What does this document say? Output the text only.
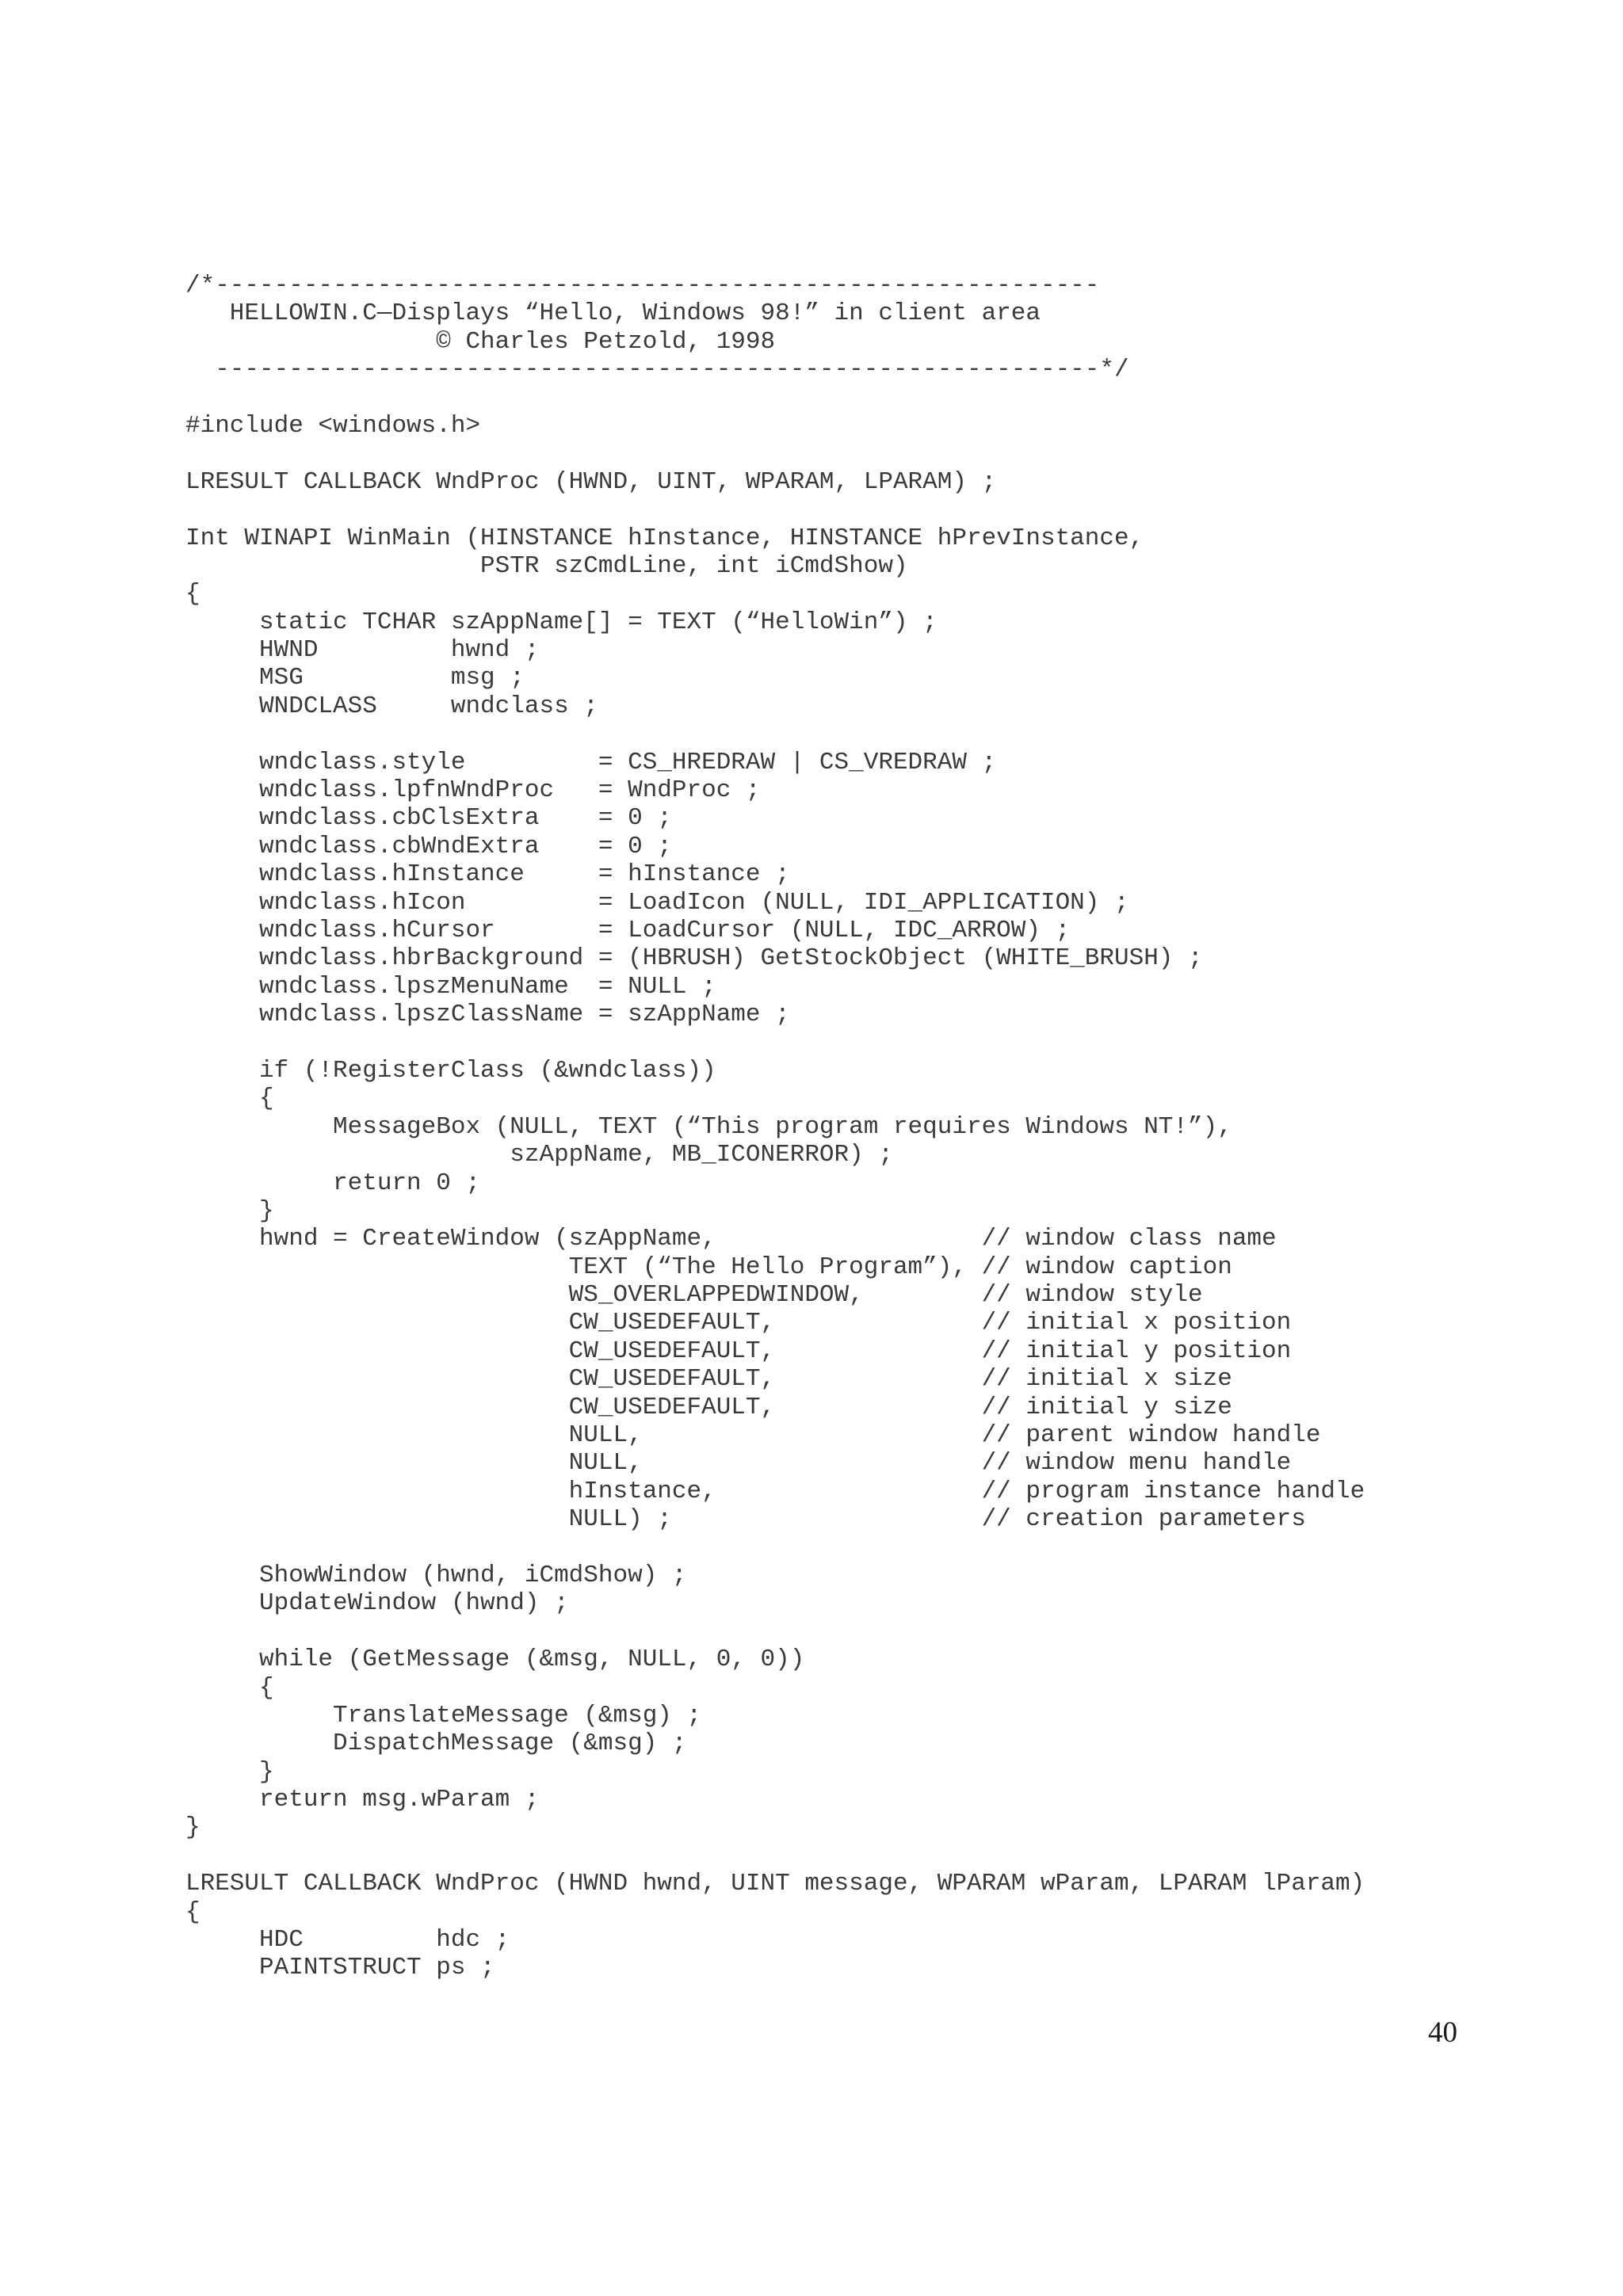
/*------------------------------------------------------------
HELLOWIN.C—Displays “Hello, Windows 98!” in client area
© Charles Petzold, 1998
------------------------------------------------------------*/

#include <windows.h>

LRESULT CALLBACK WndProc (HWND, UINT, WPARAM, LPARAM) ;

Int WINAPI WinMain (HINSTANCE hInstance, HINSTANCE hPrevInstance,
PSTR szCmdLine, int iCmdShow)
{
static TCHAR szAppName[] = TEXT (“HelloWin”) ;
HWND         hwnd ;
MSG          msg ;
WNDCLASS     wndclass ;

wndclass.style         = CS_HREDRAW | CS_VREDRAW ;
wndclass.lpfnWndProc   = WndProc ;
wndclass.cbClsExtra    = 0 ;
wndclass.cbWndExtra    = 0 ;
wndclass.hInstance     = hInstance ;
wndclass.hIcon         = LoadIcon (NULL, IDI_APPLICATION) ;
wndclass.hCursor       = LoadCursor (NULL, IDC_ARROW) ;
wndclass.hbrBackground = (HBRUSH) GetStockObject (WHITE_BRUSH) ;
wndclass.lpszMenuName  = NULL ;
wndclass.lpszClassName = szAppName ;

if (!RegisterClass (&wndclass))
{
MessageBox (NULL, TEXT (“This program requires Windows NT!”),
szAppName, MB_ICONERROR) ;
return 0 ;
}
hwnd = CreateWindow (szAppName,                  // window class name
TEXT (“The Hello Program”), // window caption
WS_OVERLAPPEDWINDOW,        // window style
CW_USEDEFAULT,              // initial x position
CW_USEDEFAULT,              // initial y position
CW_USEDEFAULT,              // initial x size
CW_USEDEFAULT,              // initial y size
NULL,                       // parent window handle
NULL,                       // window menu handle
hInstance,                  // program instance handle
NULL) ;                     // creation parameters

ShowWindow (hwnd, iCmdShow) ;
UpdateWindow (hwnd) ;

while (GetMessage (&msg, NULL, 0, 0))
{
TranslateMessage (&msg) ;
DispatchMessage (&msg) ;
}
return msg.wParam ;
}

LRESULT CALLBACK WndProc (HWND hwnd, UINT message, WPARAM wParam, LPARAM lParam)
{
HDC         hdc ;
PAINTSTRUCT ps ;
40
